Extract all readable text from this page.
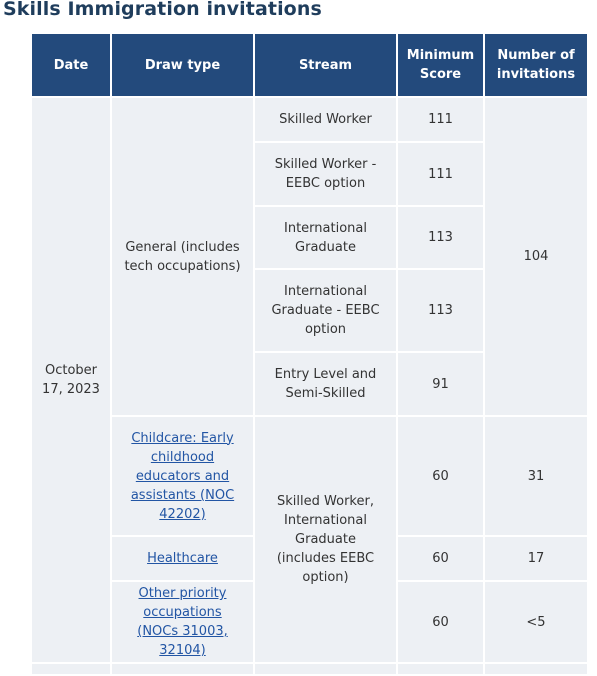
Skills Immigration invitations
Date	Draw type	Stream	Minimum Score	Number of invitations
October 17, 2023	General (includes tech occupations)	Skilled Worker	111	104
		Skilled Worker - EEBC option	111	
		International Graduate	113	
		International Graduate - EEBC option	113	
		Entry Level and Semi-Skilled	91	
	Childcare: Early childhood educators and assistants (NOC 42202)	Skilled Worker, International Graduate (includes EEBC option)	60	31
	Healthcare		60	17
	Other priority occupations (NOCs 31003, 32104)		60	<5
